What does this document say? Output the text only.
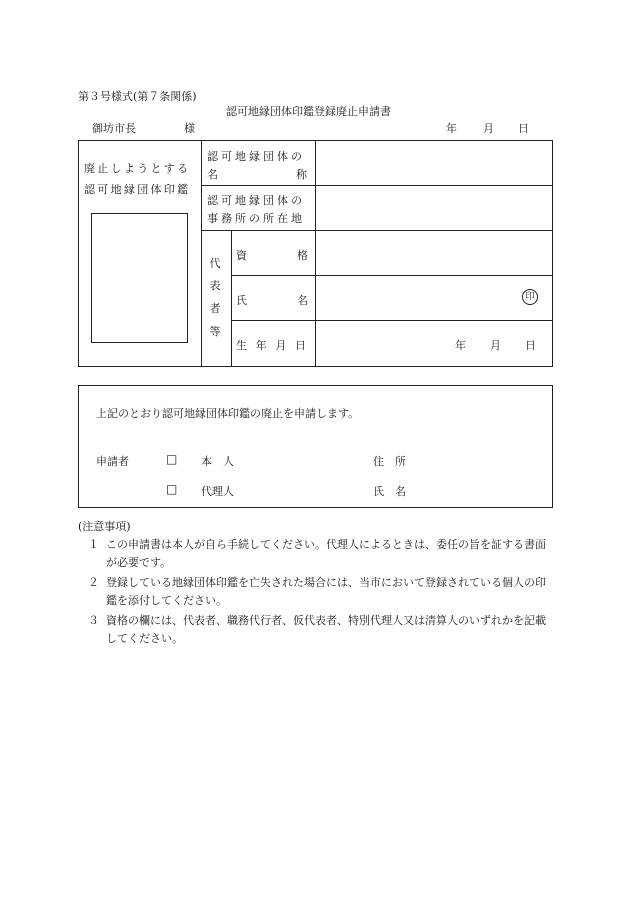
第３号様式(第７条関係)
認可地縁団体印鑑登録廃止申請書
御坊市長	様	年 月 日
廃止しようとする
認可地縁団体印鑑
認可地縁団体の
名	称
認可地縁団体の
事務所の所在地
代
表
者
等
資	格
氏	名	印
生 年 月 日	年 月 日
上記のとおり認可地縁団体印鑑の廃止を申請します。
申請者	□ 本　人	住　所
□ 代理人	氏　名
(注意事項)
１ この申請書は本人が自ら手続してください。代理人によるときは、委任の旨を証する書面が必要です。
２ 登録している地縁団体印鑑を亡失された場合には、当市において登録されている個人の印鑑を添付してください。
３ 資格の欄には、代表者、職務代行者、仮代表者、特別代理人又は清算人のいずれかを記載してください。
